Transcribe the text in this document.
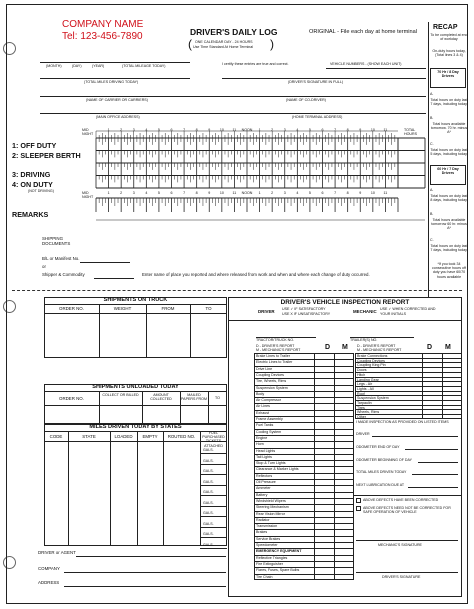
COMPANY NAME
Tel: 123-456-7890	DRIVER'S DAILY LOG	ORIGINAL - File each day at home terminal
ONE CALENDAR DAY - 24 HOURS
Use Time Standard At Home Terminal
(	)
(MONTH)	(DAY)	(YEAR)	(TOTAL MILEAGE TODAY)	I certify these entries are true and correct.	VEHICLE NUMBERS - (SHOW EACH UNIT)
(TOTAL MILES DRIVING TODAY)	(DRIVER'S SIGNATURE IN FULL)
(NAME OF CARRIER OR CARRIERS)	(NAME OF CO-DRIVER)
(MAIN OFFICE ADDRESS)	(HOME TERMINAL ADDRESS)
RECAP
To be completed at end of workday
On-duty hours today, (Total lines 3 & 4)
70 Hr / 8 Day Drivers
A.
Total hours on duty last 7 days, including today.
B.
Total hours available tomorrow. 70 hr. minus A*
C.
Total hours on duty last 5 days, including today.
60 Hr / 7 Day Drivers
A.
Total hours on duty last 8 days, including today.
B.
Total hours available tomorrow 60 hr. minus A*
C.
Total hours on duty last 7 days, including today.
*If you took 34 consecutive hours off duty you have 60/70 hours available
MID NIGHT
TOTAL HOURS
1	2	3	4	5	6	7	8	9	10	11	NOON	1	2	3	4	5	6	7	8	9	10	11
1: OFF DUTY
2: SLEEPER BERTH
3: DRIVING
4: ON DUTY
(NOT DRIVING)	MID NIGHT
1	2	3	4	5	6	7	8	9	10	11	NOON	1	2	3	4	5	6	7	8	9	10	11
REMARKS
SHIPPING DOCUMENTS
B/L or Manifest No.
or
Shipper & Commodity	Enter name of place you reported and where released from work and when and where each change of duty occurred.
SHIPMENTS ON TRUCK
ORDER NO.	WEIGHT	FROM	TO
SHIPMENTS UNLOADED TODAY
ORDER NO.
COLLECT OR BILLED	AMOUNT COLLECTED
MAILED PAPERS FROM	TO
MILES DRIVEN TODAY BY STATES
CODE	STATE	LOADED	EMPTY	ROUTED NO.
FUEL PURCHASED TICKETS ATTACHED
GALS.
GALS.
GALS.
GALS.
GALS.
GALS.
GALS.
GALS.
GALS.
GALS.
DRIVER or AGENT
COMPANY
ADDRESS
DRIVER'S VEHICLE INSPECTION REPORT
DRIVER USE ✓ IF SATISFACTORY
USE X IF UNSATISFACTORY	MECHANIC USE ✓ WHEN CORRECTED AND
YOUR INITIALS
TRACTOR/TRUCK NO.	TRAILER(S) NO.
D M	D M
D - DRIVER'S REPORT
M - MECHANIC'S REPORT
D - DRIVER'S REPORT
M - MECHANIC'S REPORT
Brake Lines to Trailer
Electric Lines to Trailer
Drive Line
Coupling Devices
Tire, Wheels, Rims
Suspension System
Body
Air Compressor
Air Lines
Exhaust
Frame Assembly
Fuel Tanks
Cooling System
Engine
Horn
Head Lights
Tail Lights
Stop & Turn Lights
Clearance & Marker Lights
Reflectors
Oil Pressure
Ammeter
Battery
Windshield Wipers
Steering Mechanism
Rear Vision Mirror
Radiator
Transmission
Brakes
Service Brakes
Speedometer
EMERGENCY EQUIPMENT
Reflective Triangles
Fire Extinguisher
Flares, Fuses, Spare Bulbs
Tire Chain
Brake Connections
Coupling Devices
Coupling King Pin
Doors
Hitch
Landing Gear
Legs - Air
Lights - All
Roof
Suspension System
Tarpaulin
Tires
Wheels, Rims
Other
I MADE INSPECTION AS PROVIDED ON LISTED ITEMS
DRIVER
ODOMETER END OF DAY
ODOMETER BEGINNING OF DAY
TOTAL MILES DRIVEN TODAY
NEXT LUBRICATION DUE AT
ABOVE DEFECTS HAVE BEEN CORRECTED
ABOVE DEFECTS NEED NOT BE CORRECTED FOR SAFE OPERATION OF VEHICLE
MECHANIC'S SIGNATURE
DRIVER'S SIGNATURE
